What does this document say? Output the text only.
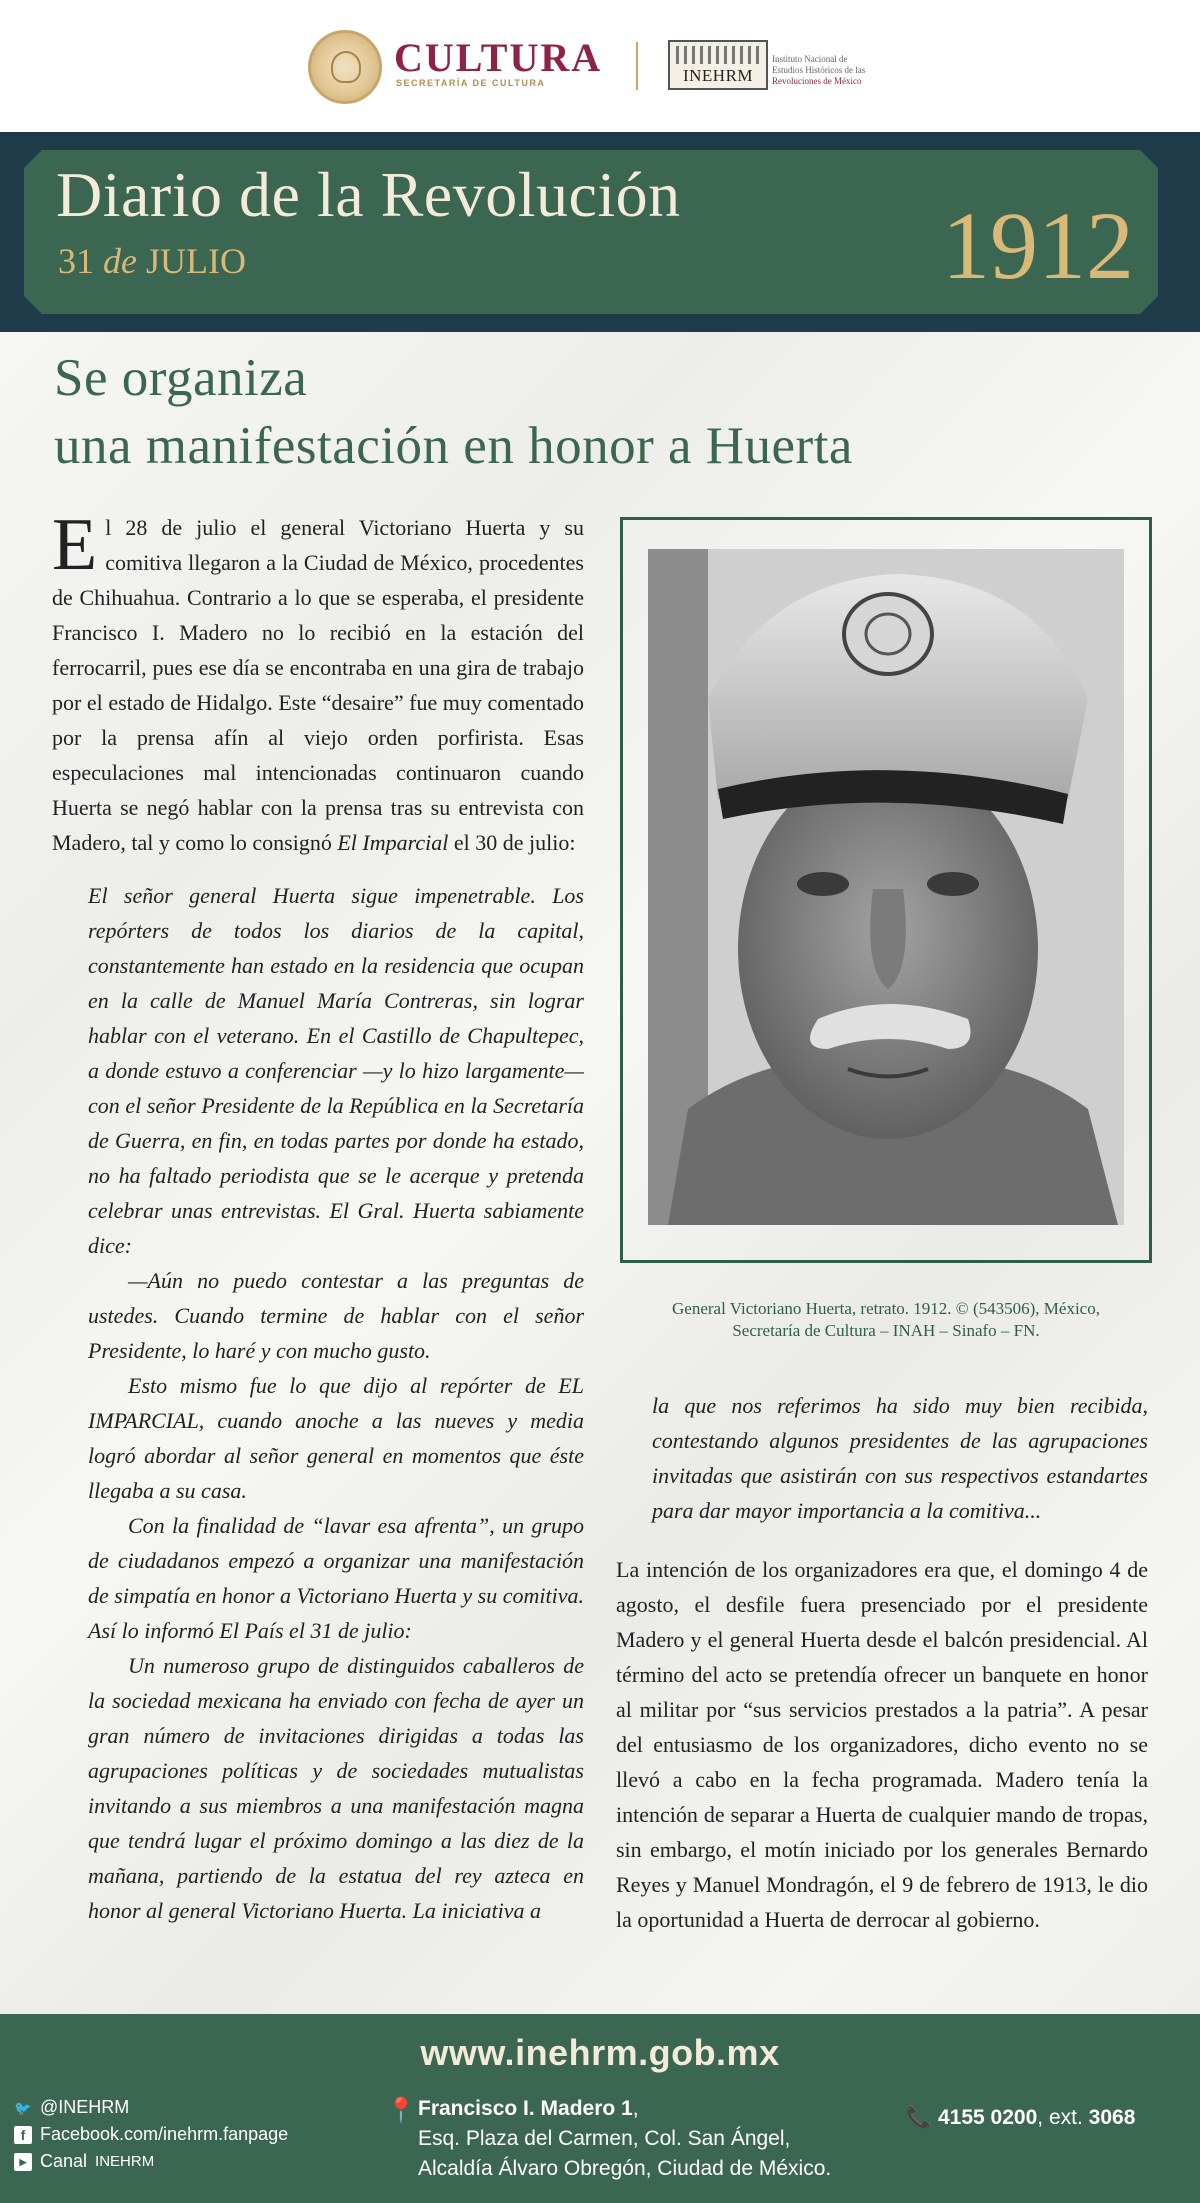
CULTURA
SECRETARÍA DE CULTURA	INEHRM
Instituto Nacional de
Estudios Históricos de las
Revoluciones de México
Diario de la Revolución
31 de JULIO	1912
Se organiza
una manifestación en honor a Huerta

El 28 de julio el general Victoriano Huerta y su comitiva llegaron a la Ciudad de México, procedentes de Chihuahua. Contrario a lo que se esperaba, el presidente Francisco I. Madero no lo recibió en la estación del ferrocarril, pues ese día se encontraba en una gira de trabajo por el estado de Hidalgo. Este “desaire” fue muy comentado por la prensa afín al viejo orden porfirista. Esas especulaciones mal intencionadas continuaron cuando Huerta se negó hablar con la prensa tras su entrevista con Madero, tal y como lo consignó El Imparcial el 30 de julio:

El señor general Huerta sigue impenetrable. Los repórters de todos los diarios de la capital, constantemente han estado en la residencia que ocupan en la calle de Manuel María Contreras, sin lograr hablar con el veterano. En el Castillo de Chapultepec, a donde estuvo a conferenciar —y lo hizo largamente— con el señor Presidente de la República en la Secretaría de Guerra, en fin, en todas partes por donde ha estado, no ha faltado periodista que se le acerque y pretenda celebrar unas entrevistas. El Gral. Huerta sabiamente dice:

—Aún no puedo contestar a las preguntas de ustedes. Cuando termine de hablar con el señor Presidente, lo haré y con mucho gusto.

Esto mismo fue lo que dijo al repórter de EL IMPARCIAL, cuando anoche a las nueves y media logró abordar al señor general en momentos que éste llegaba a su casa.

Con la finalidad de “lavar esa afrenta”, un grupo de ciudadanos empezó a organizar una manifestación de simpatía en honor a Victoriano Huerta y su comitiva. Así lo informó El País el 31 de julio:

Un numeroso grupo de distinguidos caballeros de la sociedad mexicana ha enviado con fecha de ayer un gran número de invitaciones dirigidas a todas las agrupaciones políticas y de sociedades mutualistas invitando a sus miembros a una manifestación magna que tendrá lugar el próximo domingo a las diez de la mañana, partiendo de la estatua del rey azteca en honor al general Victoriano Huerta. La iniciativa a

General Victoriano Huerta, retrato. 1912. © (543506), México,
Secretaría de Cultura – INAH – Sinafo – FN.

la que nos referimos ha sido muy bien recibida, contestando algunos presidentes de las agrupaciones invitadas que asistirán con sus respectivos estandartes para dar mayor importancia a la comitiva...

La intención de los organizadores era que, el domingo 4 de agosto, el desfile fuera presenciado por el presidente Madero y el general Huerta desde el balcón presidencial. Al término del acto se pretendía ofrecer un banquete en honor al militar por “sus servicios prestados a la patria”. A pesar del entusiasmo de los organizadores, dicho evento no se llevó a cabo en la fecha programada. Madero tenía la intención de separar a Huerta de cualquier mando de tropas, sin embargo, el motín iniciado por los generales Bernardo Reyes y Manuel Mondragón, el 9 de febrero de 1913, le dio la oportunidad a Huerta de derrocar al gobierno.

www.inehrm.gob.mx
🐦 @INEHRM
f Facebook.com/inehrm.fanpage
▶ Canal INEHRM
📍 Francisco I. Madero 1,
Esq. Plaza del Carmen, Col. San Ángel,
Alcaldía Álvaro Obregón, Ciudad de México.
📞 4155 0200, ext. 3068
